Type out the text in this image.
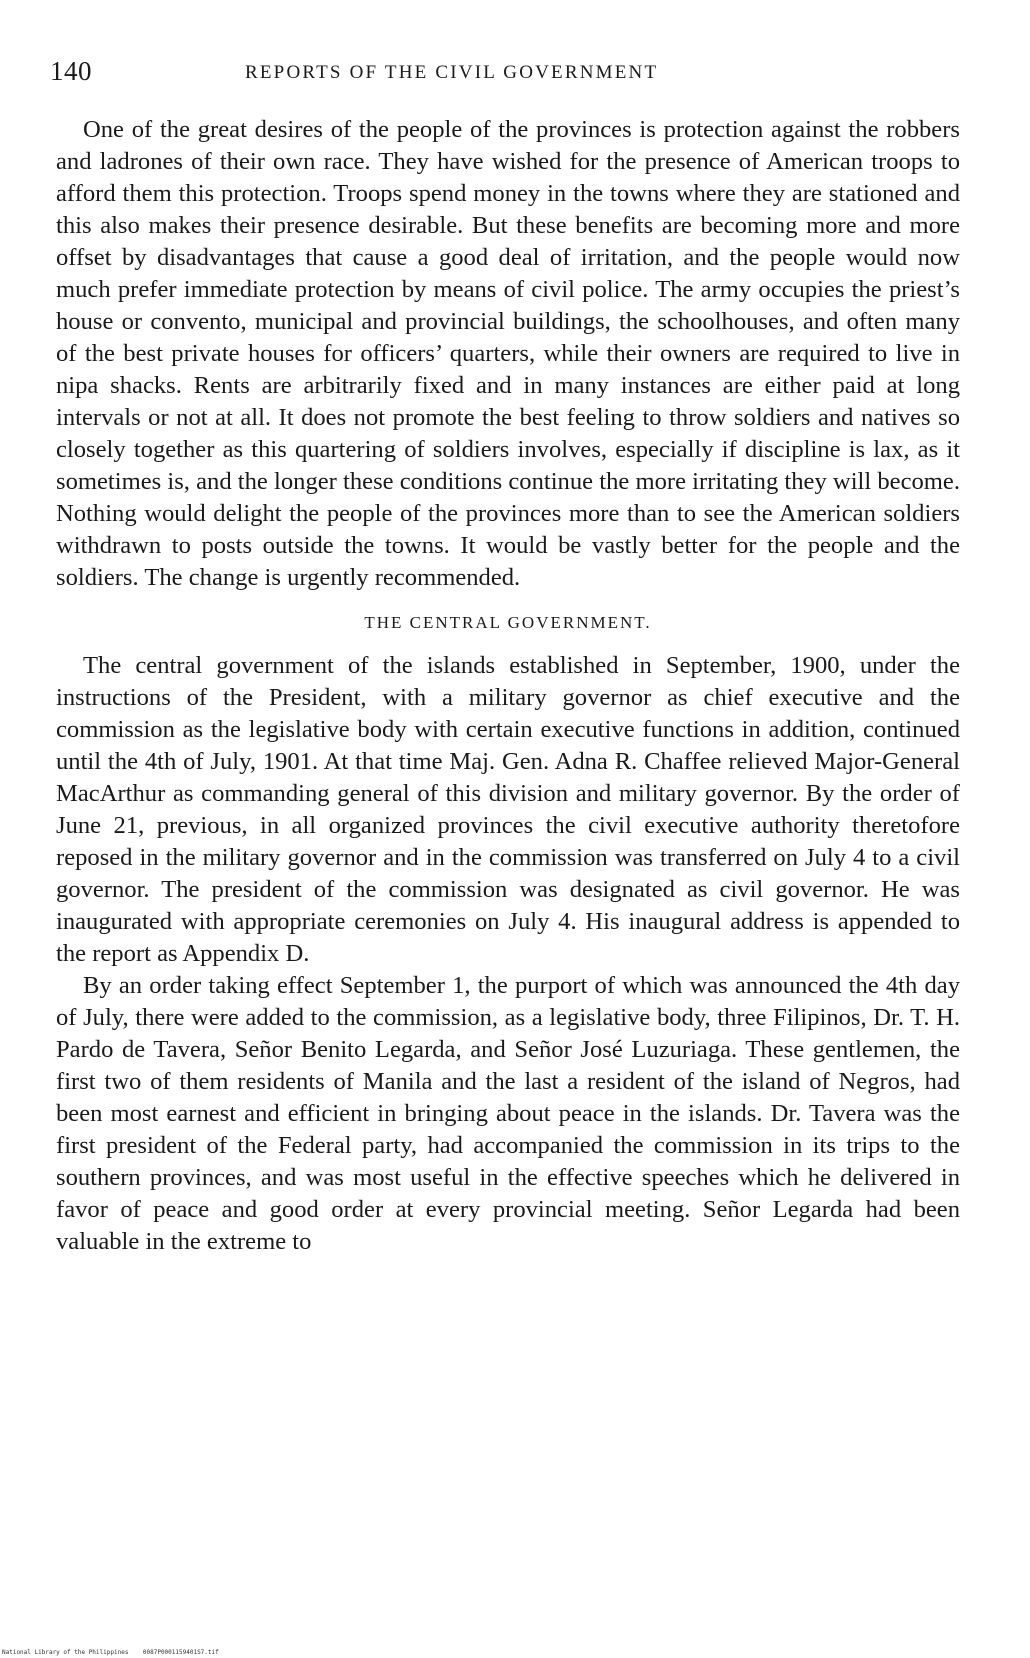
140	REPORTS OF THE CIVIL GOVERNMENT

One of the great desires of the people of the provinces is protection against the robbers and ladrones of their own race. They have wished for the presence of American troops to afford them this protection. Troops spend money in the towns where they are stationed and this also makes their presence desirable. But these benefits are becoming more and more offset by disadvantages that cause a good deal of irritation, and the people would now much prefer immediate protection by means of civil police. The army occupies the priest’s house or convento, municipal and provincial buildings, the schoolhouses, and often many of the best private houses for officers’ quarters, while their owners are required to live in nipa shacks. Rents are arbitrarily fixed and in many instances are either paid at long intervals or not at all. It does not promote the best feeling to throw soldiers and natives so closely together as this quartering of soldiers involves, especially if discipline is lax, as it sometimes is, and the longer these conditions continue the more irritating they will become. Nothing would delight the people of the provinces more than to see the American soldiers withdrawn to posts outside the towns. It would be vastly better for the people and the soldiers. The change is urgently recommended.

THE CENTRAL GOVERNMENT.

The central government of the islands established in September, 1900, under the instructions of the President, with a military governor as chief executive and the commission as the legislative body with certain executive functions in addition, continued until the 4th of July, 1901. At that time Maj. Gen. Adna R. Chaffee relieved Major-General MacArthur as commanding general of this division and military governor. By the order of June 21, previous, in all organized provinces the civil executive authority theretofore reposed in the military governor and in the commission was transferred on July 4 to a civil governor. The president of the commission was designated as civil governor. He was inaugurated with appropriate ceremonies on July 4. His inaugural address is appended to the report as Appendix D.

By an order taking effect September 1, the purport of which was announced the 4th day of July, there were added to the commission, as a legislative body, three Filipinos, Dr. T. H. Pardo de Tavera, Señor Benito Legarda, and Señor José Luzuriaga. These gentlemen, the first two of them residents of Manila and the last a resident of the island of Negros, had been most earnest and efficient in bringing about peace in the islands. Dr. Tavera was the first president of the Federal party, had accompanied the commission in its trips to the southern provinces, and was most useful in the effective speeches which he delivered in favor of peace and good order at every provincial meeting. Señor Legarda had been valuable in the extreme to

National Library of the Philippines    0087P0001159401S7.tif
